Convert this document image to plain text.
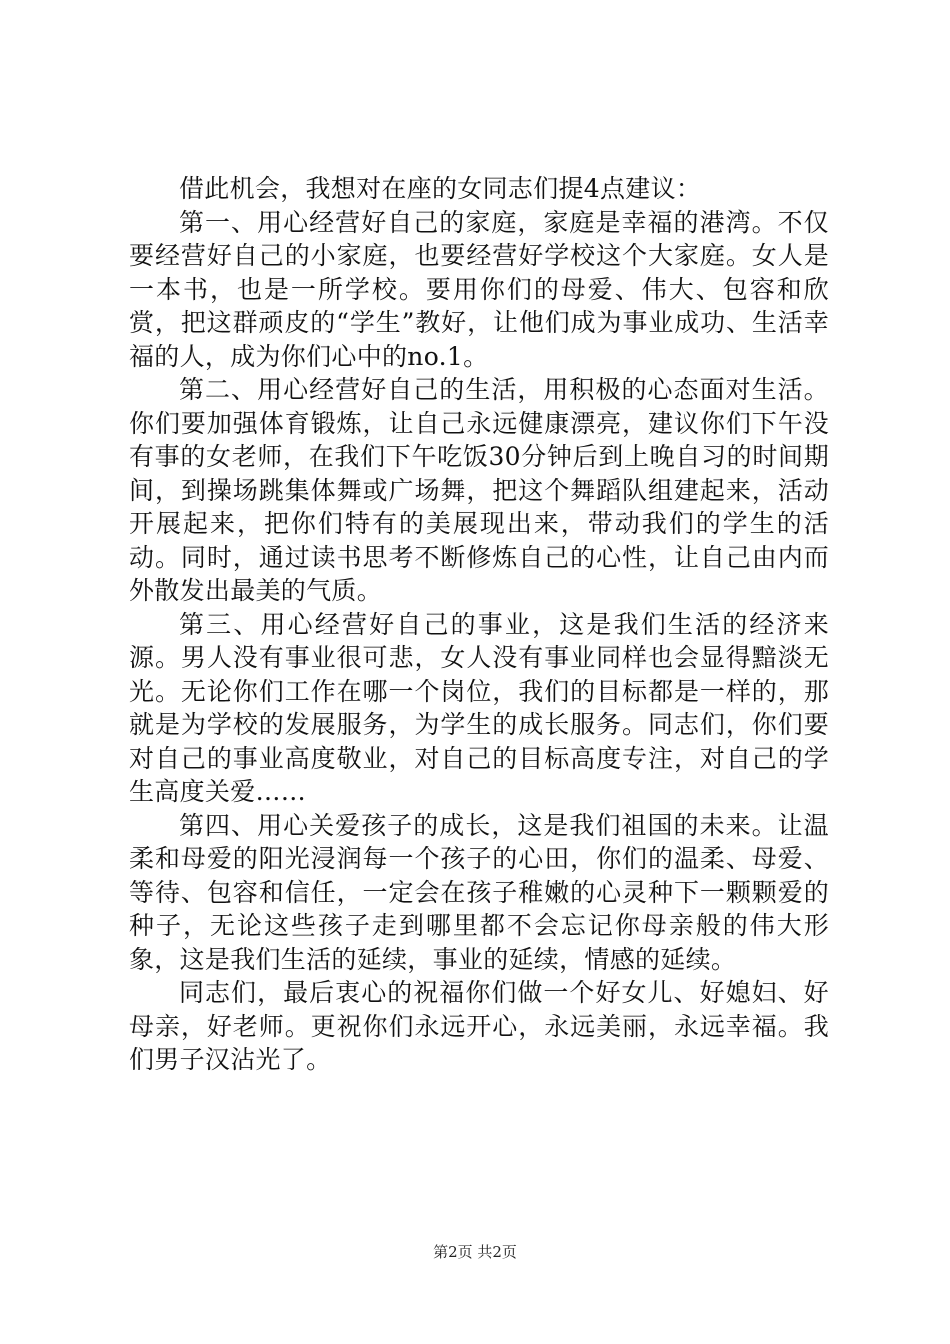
借此机会，我想对在座的女同志们提4点建议：

第一、用心经营好自己的家庭，家庭是幸福的港湾。不仅要经营好自己的小家庭，也要经营好学校这个大家庭。女人是一本书，也是一所学校。要用你们的母爱、伟大、包容和欣赏，把这群顽皮的“学生”教好，让他们成为事业成功、生活幸福的人，成为你们心中的no.1。

第二、用心经营好自己的生活，用积极的心态面对生活。你们要加强体育锻炼，让自己永远健康漂亮，建议你们下午没有事的女老师，在我们下午吃饭30分钟后到上晚自习的时间期间，到操场跳集体舞或广场舞，把这个舞蹈队组建起来，活动开展起来，把你们特有的美展现出来，带动我们的学生的活动。同时，通过读书思考不断修炼自己的心性，让自己由内而外散发出最美的气质。

第三、用心经营好自己的事业，这是我们生活的经济来源。男人没有事业很可悲，女人没有事业同样也会显得黯淡无光。无论你们工作在哪一个岗位，我们的目标都是一样的，那就是为学校的发展服务，为学生的成长服务。同志们，你们要对自己的事业高度敬业，对自己的目标高度专注，对自己的学生高度关爱……

第四、用心关爱孩子的成长，这是我们祖国的未来。让温柔和母爱的阳光浸润每一个孩子的心田，你们的温柔、母爱、等待、包容和信任，一定会在孩子稚嫩的心灵种下一颗颗爱的种子，无论这些孩子走到哪里都不会忘记你母亲般的伟大形象，这是我们生活的延续，事业的延续，情感的延续。

同志们，最后衷心的祝福你们做一个好女儿、好媳妇、好母亲，好老师。更祝你们永远开心，永远美丽，永远幸福。我们男子汉沾光了。

第2页 共2页
